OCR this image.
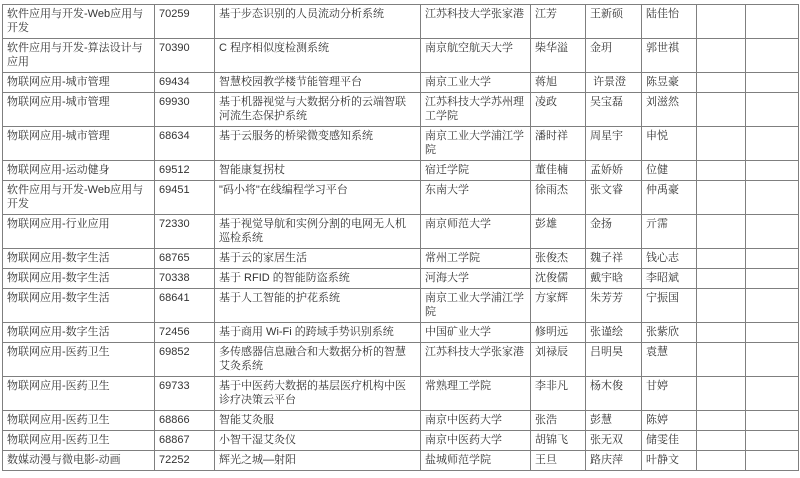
软件应用与开发-Web应用与开发	70259	基于步态识别的人员流动分析系统	江苏科技大学张家港	江芳	王新硕	陆佳怡		
软件应用与开发-算法设计与应用	70390	C 程序相似度检测系统	南京航空航天大学	柴华溢	金玥	郭世祺		
物联网应用-城市管理	69434	智慧校园教学楼节能管理平台	南京工业大学	蒋旭	许景澄	陈昱豪		
物联网应用-城市管理	69930	基于机器视觉与大数据分析的云端智联河流生态保护系统	江苏科技大学苏州理工学院	凌政	吴宝磊	刘滋然		
物联网应用-城市管理	68634	基于云服务的桥梁微变感知系统	南京工业大学浦江学院	潘时祥	周星宇	申悦		
物联网应用-运动健身	69512	智能康复拐杖	宿迁学院	董佳楠	孟娇娇	位健		
软件应用与开发-Web应用与开发	69451	"码小将"在线编程学习平台	东南大学	徐雨杰	张文睿	仲禹豪		
物联网应用-行业应用	72330	基于视觉导航和实例分割的电网无人机巡检系统	南京师范大学	彭雄	金扬	亓霈		
物联网应用-数字生活	68765	基于云的家居生活	常州工学院	张俊杰	魏子祥	钱心志		
物联网应用-数字生活	70338	基于 RFID 的智能防盗系统	河海大学	沈俊儒	戴宇晗	李昭斌		
物联网应用-数字生活	68641	基于人工智能的护花系统	南京工业大学浦江学院	方家辉	朱芳芳	宁振国		
物联网应用-数字生活	72456	基于商用 Wi-Fi 的跨域手势识别系统	中国矿业大学	修明远	张谨绘	张紫欣		
物联网应用-医药卫生	69852	多传感器信息融合和大数据分析的智慧艾灸系统	江苏科技大学张家港	刘禄辰	吕明昊	袁慧		
物联网应用-医药卫生	69733	基于中医药大数据的基层医疗机构中医诊疗决策云平台	常熟理工学院	李非凡	杨木俊	甘婷		
物联网应用-医药卫生	68866	智能艾灸服	南京中医药大学	张浩	彭慧	陈婷		
物联网应用-医药卫生	68867	小智干湿艾灸仪	南京中医药大学	胡锦飞	张无双	储雯佳		
数媒动漫与微电影-动画	72252	辉光之城—射阳	盐城师范学院	王旦	路庆萍	叶静文		
